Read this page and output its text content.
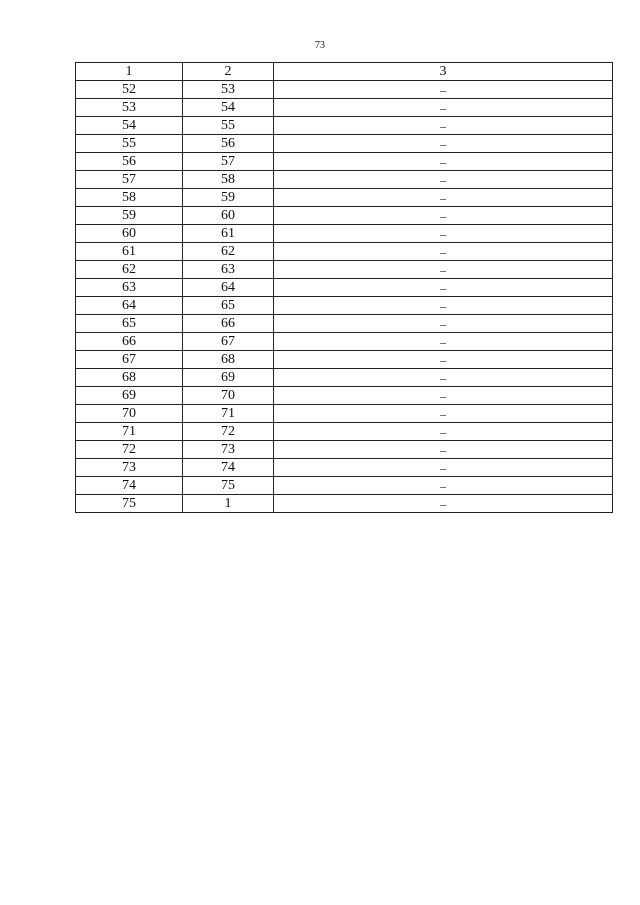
73
1	2	3
52	53	–
53	54	–
54	55	–
55	56	–
56	57	–
57	58	–
58	59	–
59	60	–
60	61	–
61	62	–
62	63	–
63	64	–
64	65	–
65	66	–
66	67	–
67	68	–
68	69	–
69	70	–
70	71	–
71	72	–
72	73	–
73	74	–
74	75	–
75	1	–
